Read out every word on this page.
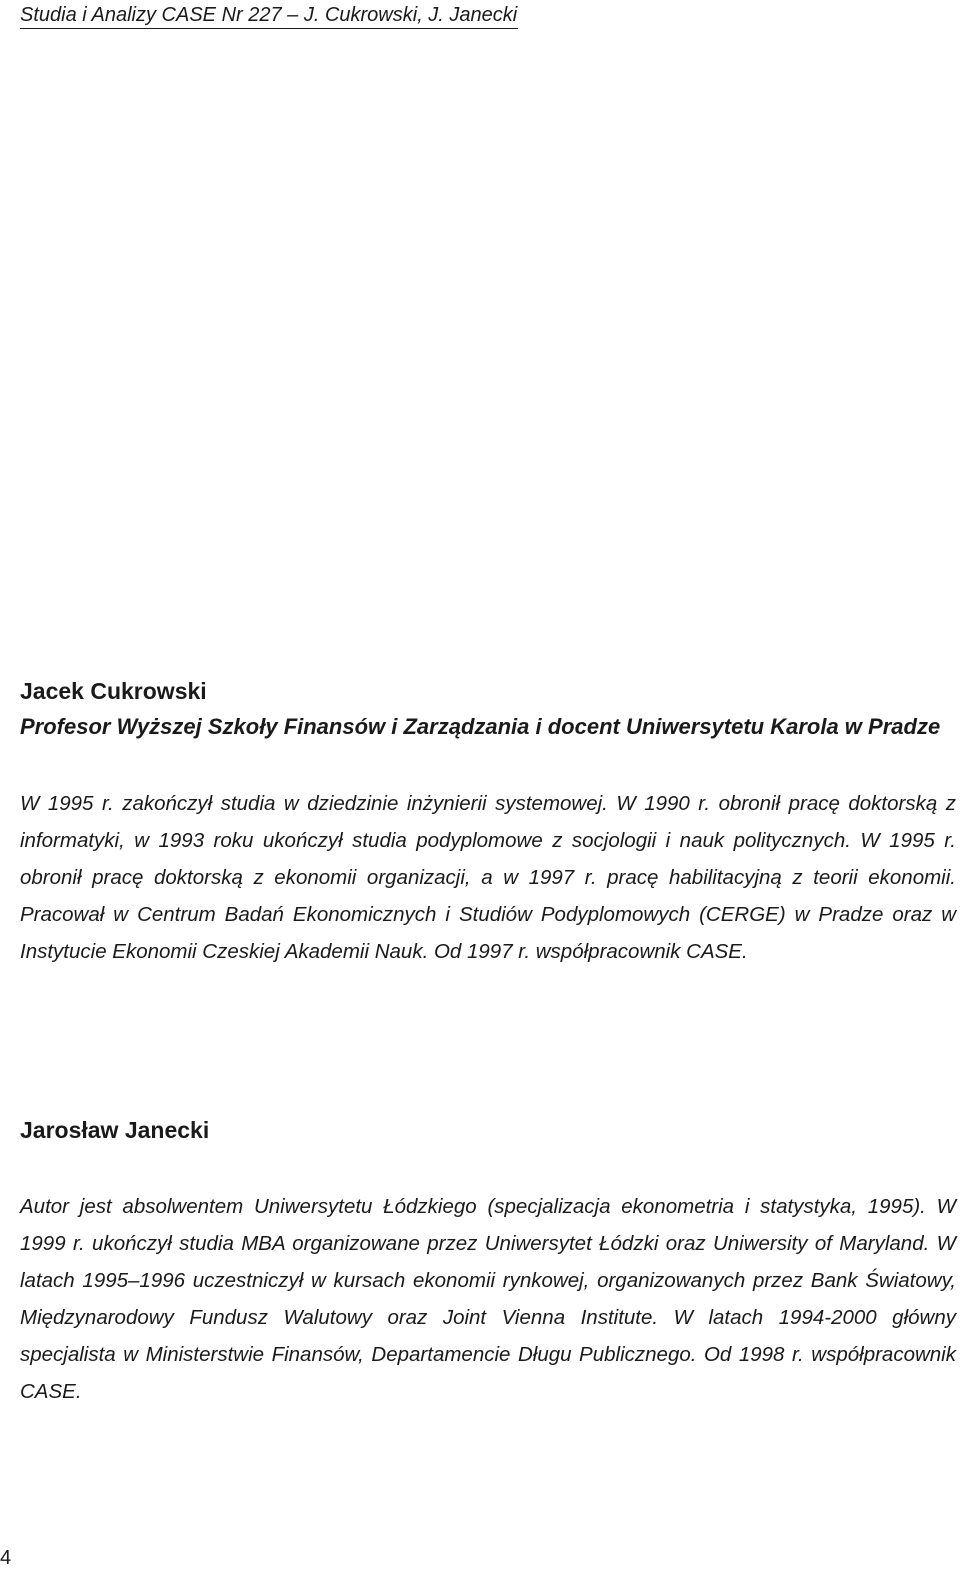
Studia i Analizy CASE Nr 227 – J. Cukrowski, J. Janecki
Jacek Cukrowski

Profesor Wyższej Szkoły Finansów i Zarządzania i docent Uniwersytetu Karola w Pradze

W 1995 r. zakończył studia w dziedzinie inżynierii systemowej. W 1990 r. obronił pracę doktorską z informatyki, w 1993 roku ukończył studia podyplomowe z socjologii i nauk politycznych. W 1995 r. obronił pracę doktorską z ekonomii organizacji, a w 1997 r. pracę habilitacyjną z teorii ekonomii. Pracował w Centrum Badań Ekonomicznych i Studiów Podyplomowych (CERGE) w Pradze oraz w Instytucie Ekonomii Czeskiej Akademii Nauk. Od 1997 r. współpracownik CASE.

Jarosław Janecki

Autor jest absolwentem Uniwersytetu Łódzkiego (specjalizacja ekonometria i statystyka, 1995). W 1999 r. ukończył studia MBA organizowane przez Uniwersytet Łódzki oraz Uniwersity of Maryland. W latach 1995–1996 uczestniczył w kursach ekonomii rynkowej, organizowanych przez Bank Światowy, Międzynarodowy Fundusz Walutowy oraz Joint Vienna Institute. W latach 1994-2000 główny specjalista w Ministerstwie Finansów, Departamencie Długu Publicznego. Od 1998 r. współpracownik CASE.

4
